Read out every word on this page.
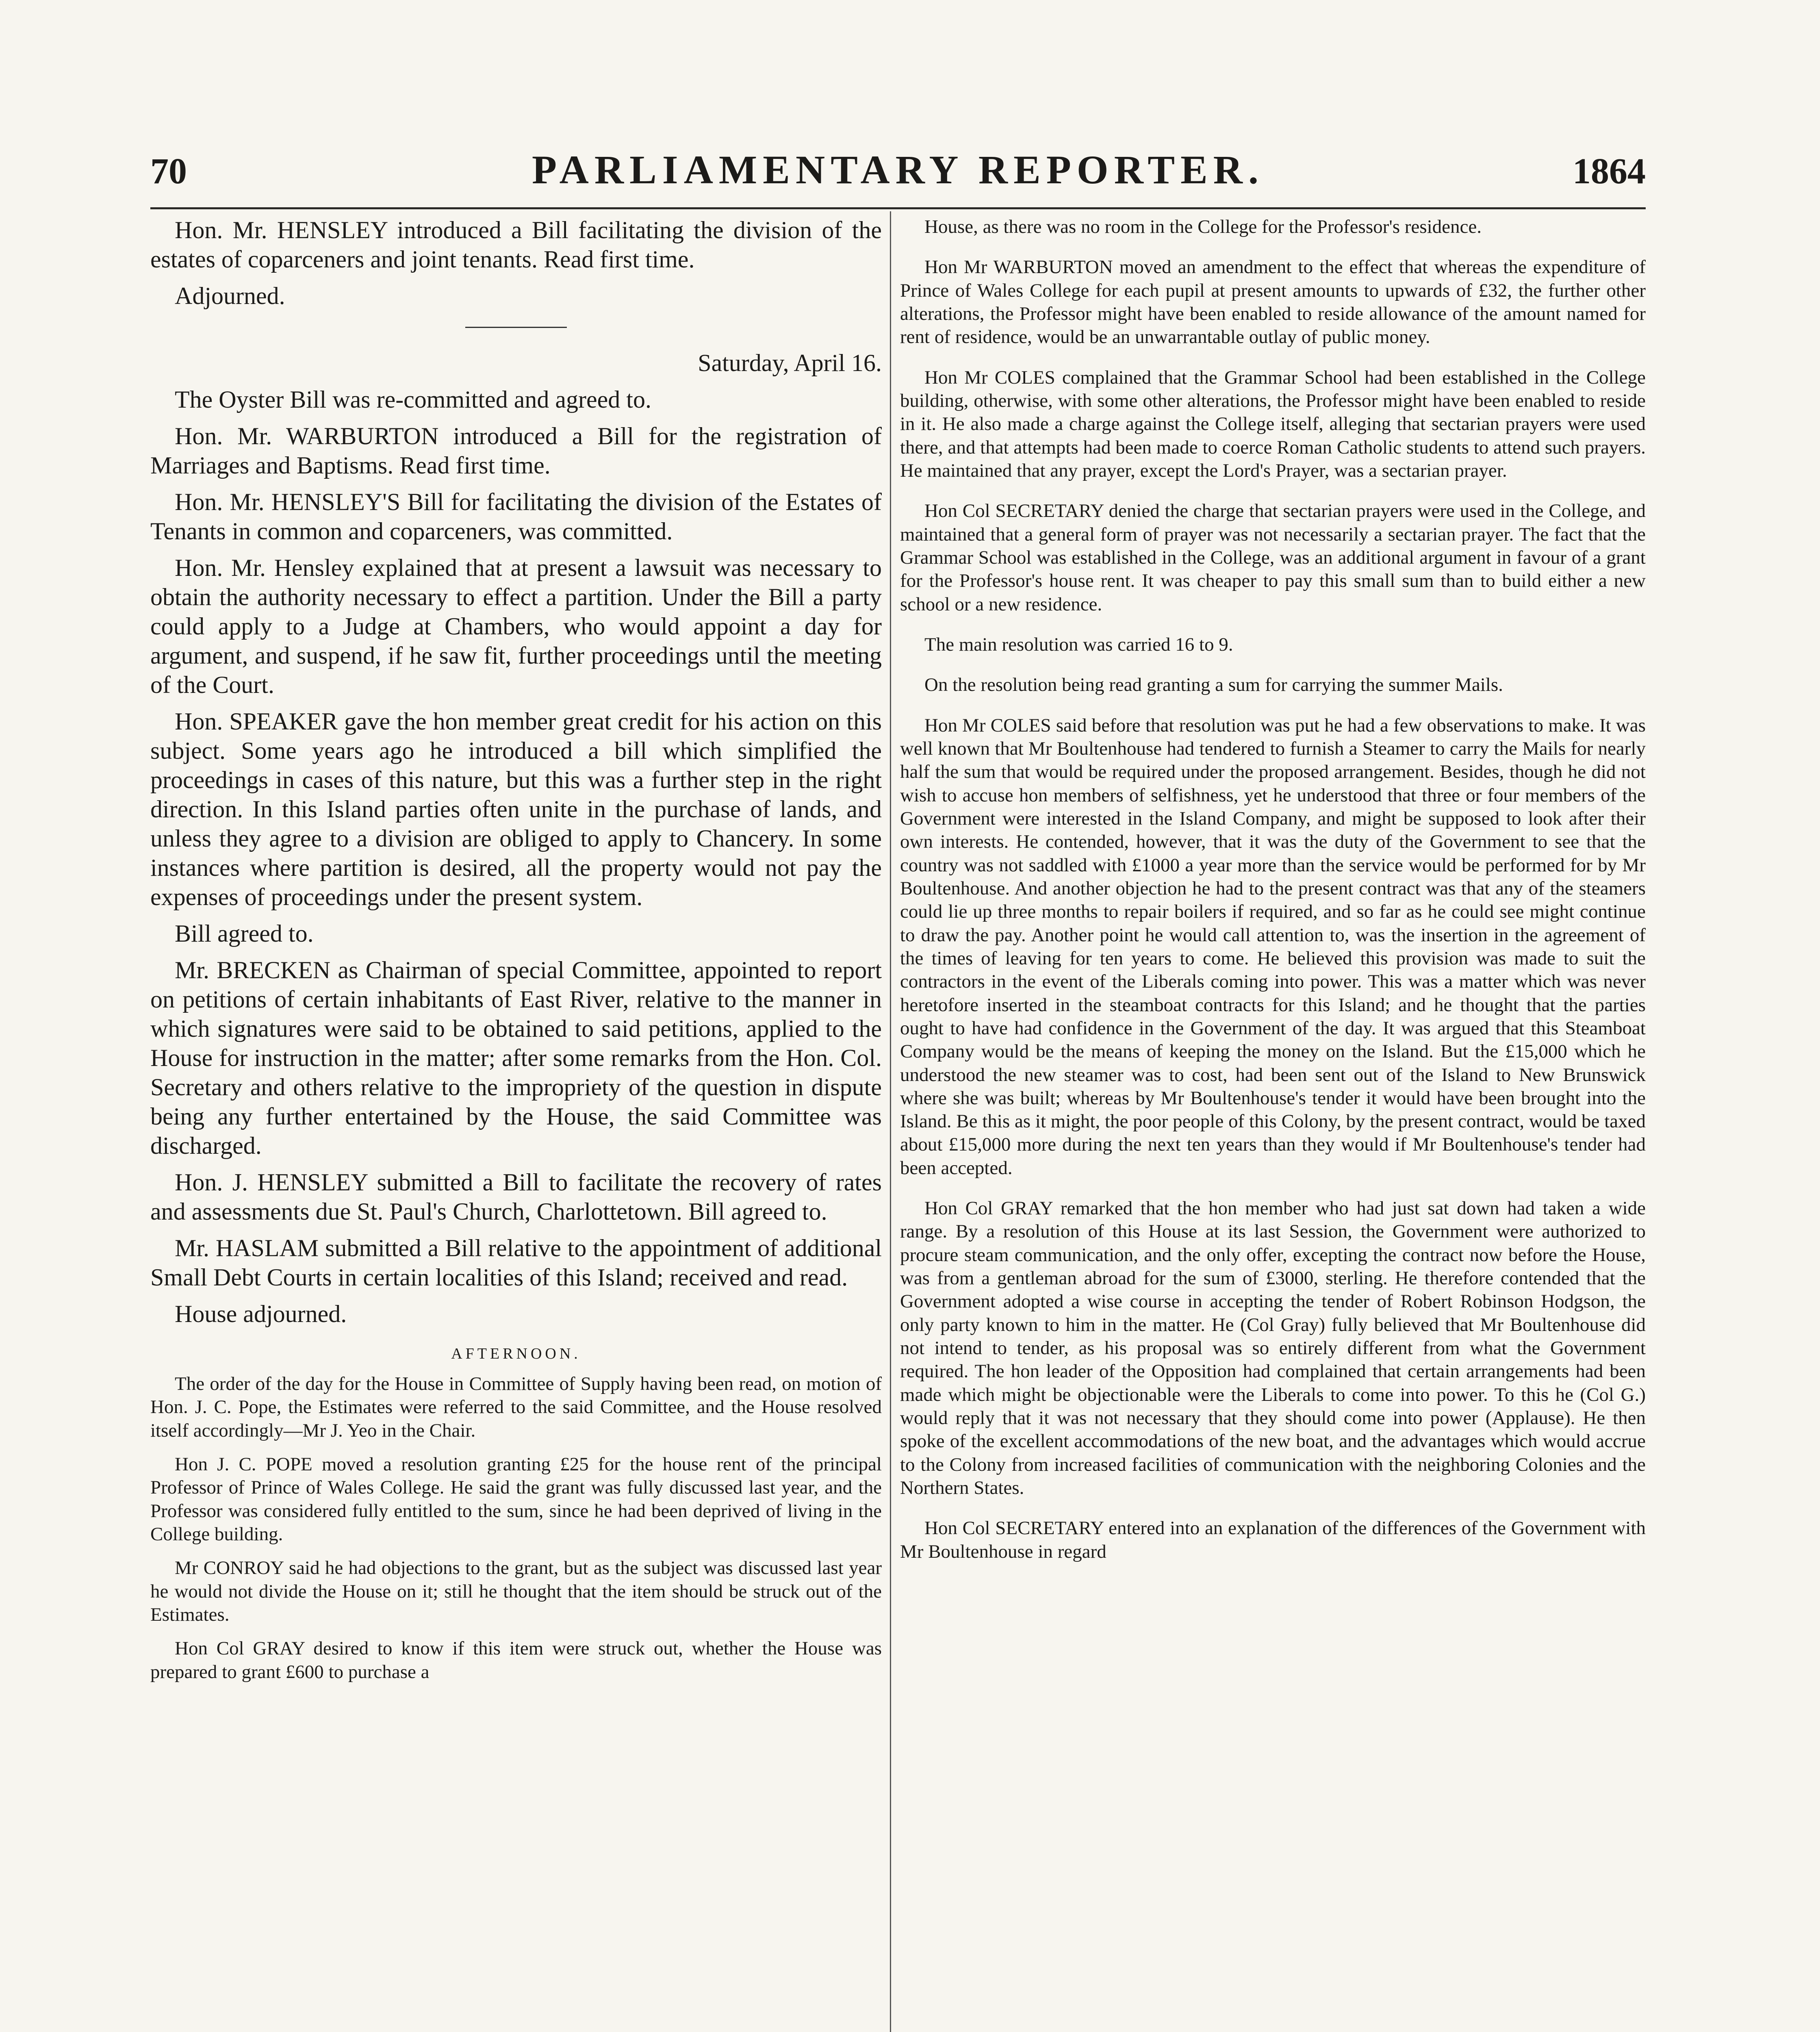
70	PARLIAMENTARY REPORTER.	1864

Hon. Mr. HENSLEY introduced a Bill facilitating the division of the estates of coparceners and joint tenants. Read first time.

Adjourned.

Saturday, April 16.

The Oyster Bill was re-committed and agreed to.

Hon. Mr. WARBURTON introduced a Bill for the registration of Marriages and Baptisms. Read first time.

Hon. Mr. HENSLEY'S Bill for facilitating the division of the Estates of Tenants in common and coparceners, was committed.

Hon. Mr. Hensley explained that at present a lawsuit was necessary to obtain the authority necessary to effect a partition. Under the Bill a party could apply to a Judge at Chambers, who would appoint a day for argument, and suspend, if he saw fit, further proceedings until the meeting of the Court.

Hon. SPEAKER gave the hon member great credit for his action on this subject. Some years ago he introduced a bill which simplified the proceedings in cases of this nature, but this was a further step in the right direction. In this Island parties often unite in the purchase of lands, and unless they agree to a division are obliged to apply to Chancery. In some instances where partition is desired, all the property would not pay the expenses of proceedings under the present system.

Bill agreed to.

Mr. BRECKEN as Chairman of special Committee, appointed to report on petitions of certain inhabitants of East River, relative to the manner in which signatures were said to be obtained to said petitions, applied to the House for instruction in the matter; after some remarks from the Hon. Col. Secretary and others relative to the impropriety of the question in dispute being any further entertained by the House, the said Committee was discharged.

Hon. J. HENSLEY submitted a Bill to facilitate the recovery of rates and assessments due St. Paul's Church, Charlottetown. Bill agreed to.

Mr. HASLAM submitted a Bill relative to the appointment of additional Small Debt Courts in certain localities of this Island; received and read.

House adjourned.

AFTERNOON.

The order of the day for the House in Committee of Supply having been read, on motion of Hon. J. C. Pope, the Estimates were referred to the said Committee, and the House resolved itself accordingly—Mr J. Yeo in the Chair.

Hon J. C. POPE moved a resolution granting £25 for the house rent of the principal Professor of Prince of Wales College. He said the grant was fully discussed last year, and the Professor was considered fully entitled to the sum, since he had been deprived of living in the College building.

Mr CONROY said he had objections to the grant, but as the subject was discussed last year he would not divide the House on it; still he thought that the item should be struck out of the Estimates.

Hon Col GRAY desired to know if this item were struck out, whether the House was prepared to grant £600 to purchase a

House, as there was no room in the College for the Professor's residence.

Hon Mr WARBURTON moved an amendment to the effect that whereas the expenditure of Prince of Wales College for each pupil at present amounts to upwards of £32, the further other alterations, the Professor might have been enabled to reside allowance of the amount named for rent of residence, would be an unwarrantable outlay of public money.

Hon Mr COLES complained that the Grammar School had been established in the College building, otherwise, with some other alterations, the Professor might have been enabled to reside in it. He also made a charge against the College itself, alleging that sectarian prayers were used there, and that attempts had been made to coerce Roman Catholic students to attend such prayers. He maintained that any prayer, except the Lord's Prayer, was a sectarian prayer.

Hon Col SECRETARY denied the charge that sectarian prayers were used in the College, and maintained that a general form of prayer was not necessarily a sectarian prayer. The fact that the Grammar School was established in the College, was an additional argument in favour of a grant for the Professor's house rent. It was cheaper to pay this small sum than to build either a new school or a new residence.

The main resolution was carried 16 to 9.

On the resolution being read granting a sum for carrying the summer Mails.

Hon Mr COLES said before that resolution was put he had a few observations to make. It was well known that Mr Boultenhouse had tendered to furnish a Steamer to carry the Mails for nearly half the sum that would be required under the proposed arrangement. Besides, though he did not wish to accuse hon members of selfishness, yet he understood that three or four members of the Government were interested in the Island Company, and might be supposed to look after their own interests. He contended, however, that it was the duty of the Government to see that the country was not saddled with £1000 a year more than the service would be performed for by Mr Boultenhouse. And another objection he had to the present contract was that any of the steamers could lie up three months to repair boilers if required, and so far as he could see might continue to draw the pay. Another point he would call attention to, was the insertion in the agreement of the times of leaving for ten years to come. He believed this provision was made to suit the contractors in the event of the Liberals coming into power. This was a matter which was never heretofore inserted in the steamboat contracts for this Island; and he thought that the parties ought to have had confidence in the Government of the day. It was argued that this Steamboat Company would be the means of keeping the money on the Island. But the £15,000 which he understood the new steamer was to cost, had been sent out of the Island to New Brunswick where she was built; whereas by Mr Boultenhouse's tender it would have been brought into the Island. Be this as it might, the poor people of this Colony, by the present contract, would be taxed about £15,000 more during the next ten years than they would if Mr Boultenhouse's tender had been accepted.

Hon Col GRAY remarked that the hon member who had just sat down had taken a wide range. By a resolution of this House at its last Session, the Government were authorized to procure steam communication, and the only offer, excepting the contract now before the House, was from a gentleman abroad for the sum of £3000, sterling. He therefore contended that the Government adopted a wise course in accepting the tender of Robert Robinson Hodgson, the only party known to him in the matter. He (Col Gray) fully believed that Mr Boultenhouse did not intend to tender, as his proposal was so entirely different from what the Government required. The hon leader of the Opposition had complained that certain arrangements had been made which might be objectionable were the Liberals to come into power. To this he (Col G.) would reply that it was not necessary that they should come into power (Applause). He then spoke of the excellent accommodations of the new boat, and the advantages which would accrue to the Colony from increased facilities of communication with the neighboring Colonies and the Northern States.

Hon Col SECRETARY entered into an explanation of the differences of the Government with Mr Boultenhouse in regard
